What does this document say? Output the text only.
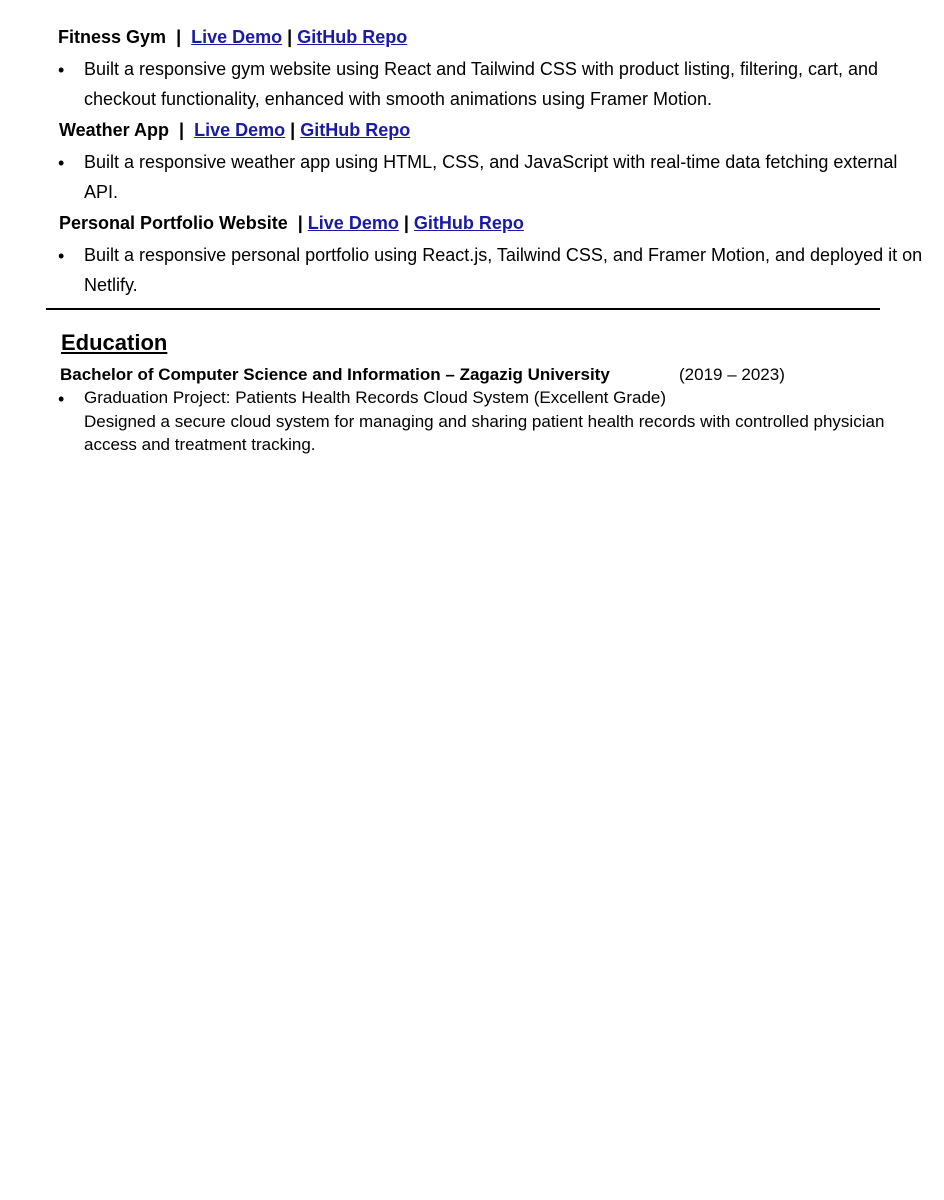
Fitness Gym | Live Demo | GitHub Repo
• Built a responsive gym website using React and Tailwind CSS with product listing, filtering, cart, and checkout functionality, enhanced with smooth animations using Framer Motion.
Weather App | Live Demo | GitHub Repo
• Built a responsive weather app using HTML, CSS, and JavaScript with real-time data fetching external API.
Personal Portfolio Website | Live Demo | GitHub Repo
• Built a responsive personal portfolio using React.js, Tailwind CSS, and Framer Motion, and deployed it on Netlify.
Education
Bachelor of Computer Science and Information – Zagazig University	(2019 – 2023)
• Graduation Project: Patients Health Records Cloud System (Excellent Grade)
Designed a secure cloud system for managing and sharing patient health records with controlled physician access and treatment tracking.
